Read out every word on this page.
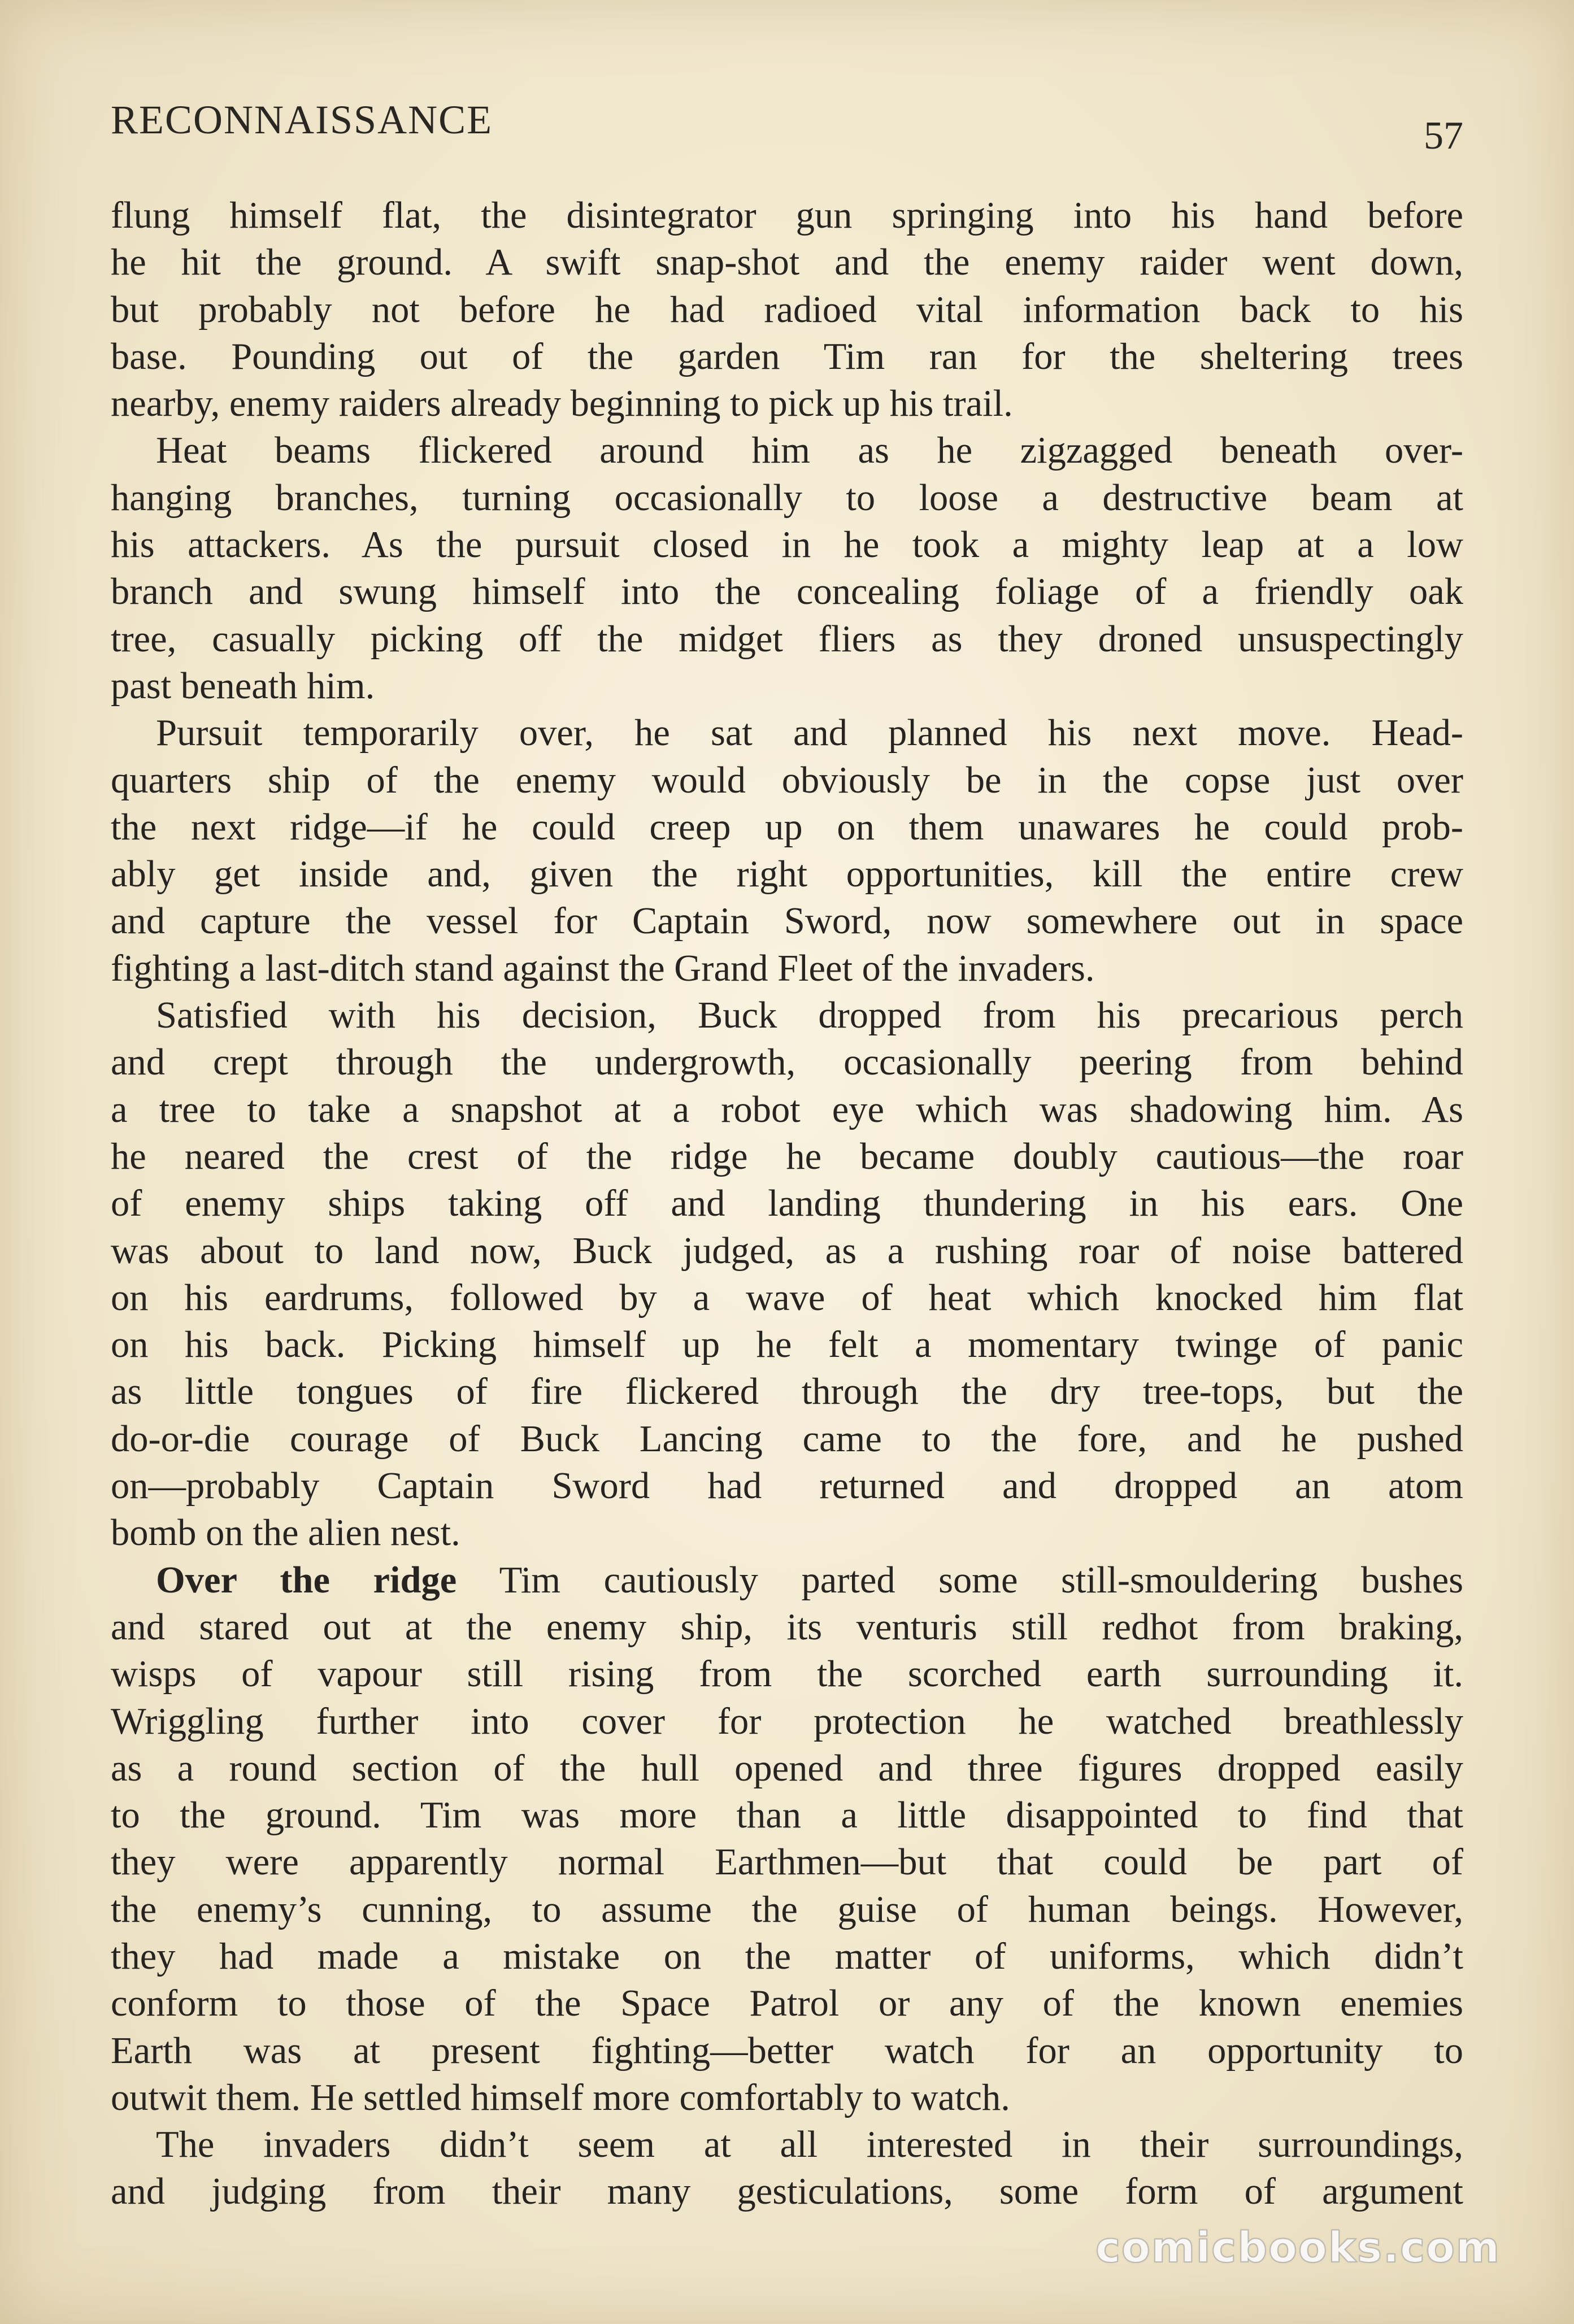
RECONNAISSANCE	57

flung himself flat, the disintegrator gun springing into his hand before
he hit the ground. A swift snap-shot and the enemy raider went down,
but probably not before he had radioed vital information back to his
base. Pounding out of the garden Tim ran for the sheltering trees
nearby, enemy raiders already beginning to pick up his trail.

Heat beams flickered around him as he zigzagged beneath over-
hanging branches, turning occasionally to loose a destructive beam at
his attackers. As the pursuit closed in he took a mighty leap at a low
branch and swung himself into the concealing foliage of a friendly oak
tree, casually picking off the midget fliers as they droned unsuspectingly
past beneath him.

Pursuit temporarily over, he sat and planned his next move. Head-
quarters ship of the enemy would obviously be in the copse just over
the next ridge—if he could creep up on them unawares he could prob-
ably get inside and, given the right opportunities, kill the entire crew
and capture the vessel for Captain Sword, now somewhere out in space
fighting a last-ditch stand against the Grand Fleet of the invaders.

Satisfied with his decision, Buck dropped from his precarious perch
and crept through the undergrowth, occasionally peering from behind
a tree to take a snapshot at a robot eye which was shadowing him. As
he neared the crest of the ridge he became doubly cautious—the roar
of enemy ships taking off and landing thundering in his ears. One
was about to land now, Buck judged, as a rushing roar of noise battered
on his eardrums, followed by a wave of heat which knocked him flat
on his back. Picking himself up he felt a momentary twinge of panic
as little tongues of fire flickered through the dry tree-tops, but the
do-or-die courage of Buck Lancing came to the fore, and he pushed
on—probably Captain Sword had returned and dropped an atom
bomb on the alien nest.

Over the ridge Tim cautiously parted some still-smouldering bushes
and stared out at the enemy ship, its venturis still redhot from braking,
wisps of vapour still rising from the scorched earth surrounding it.
Wriggling further into cover for protection he watched breathlessly
as a round section of the hull opened and three figures dropped easily
to the ground. Tim was more than a little disappointed to find that
they were apparently normal Earthmen—but that could be part of
the enemy’s cunning, to assume the guise of human beings. However,
they had made a mistake on the matter of uniforms, which didn’t
conform to those of the Space Patrol or any of the known enemies
Earth was at present fighting—better watch for an opportunity to
outwit them. He settled himself more comfortably to watch.

The invaders didn’t seem at all interested in their surroundings,
and judging from their many gesticulations, some form of argument

comicbooks.com
